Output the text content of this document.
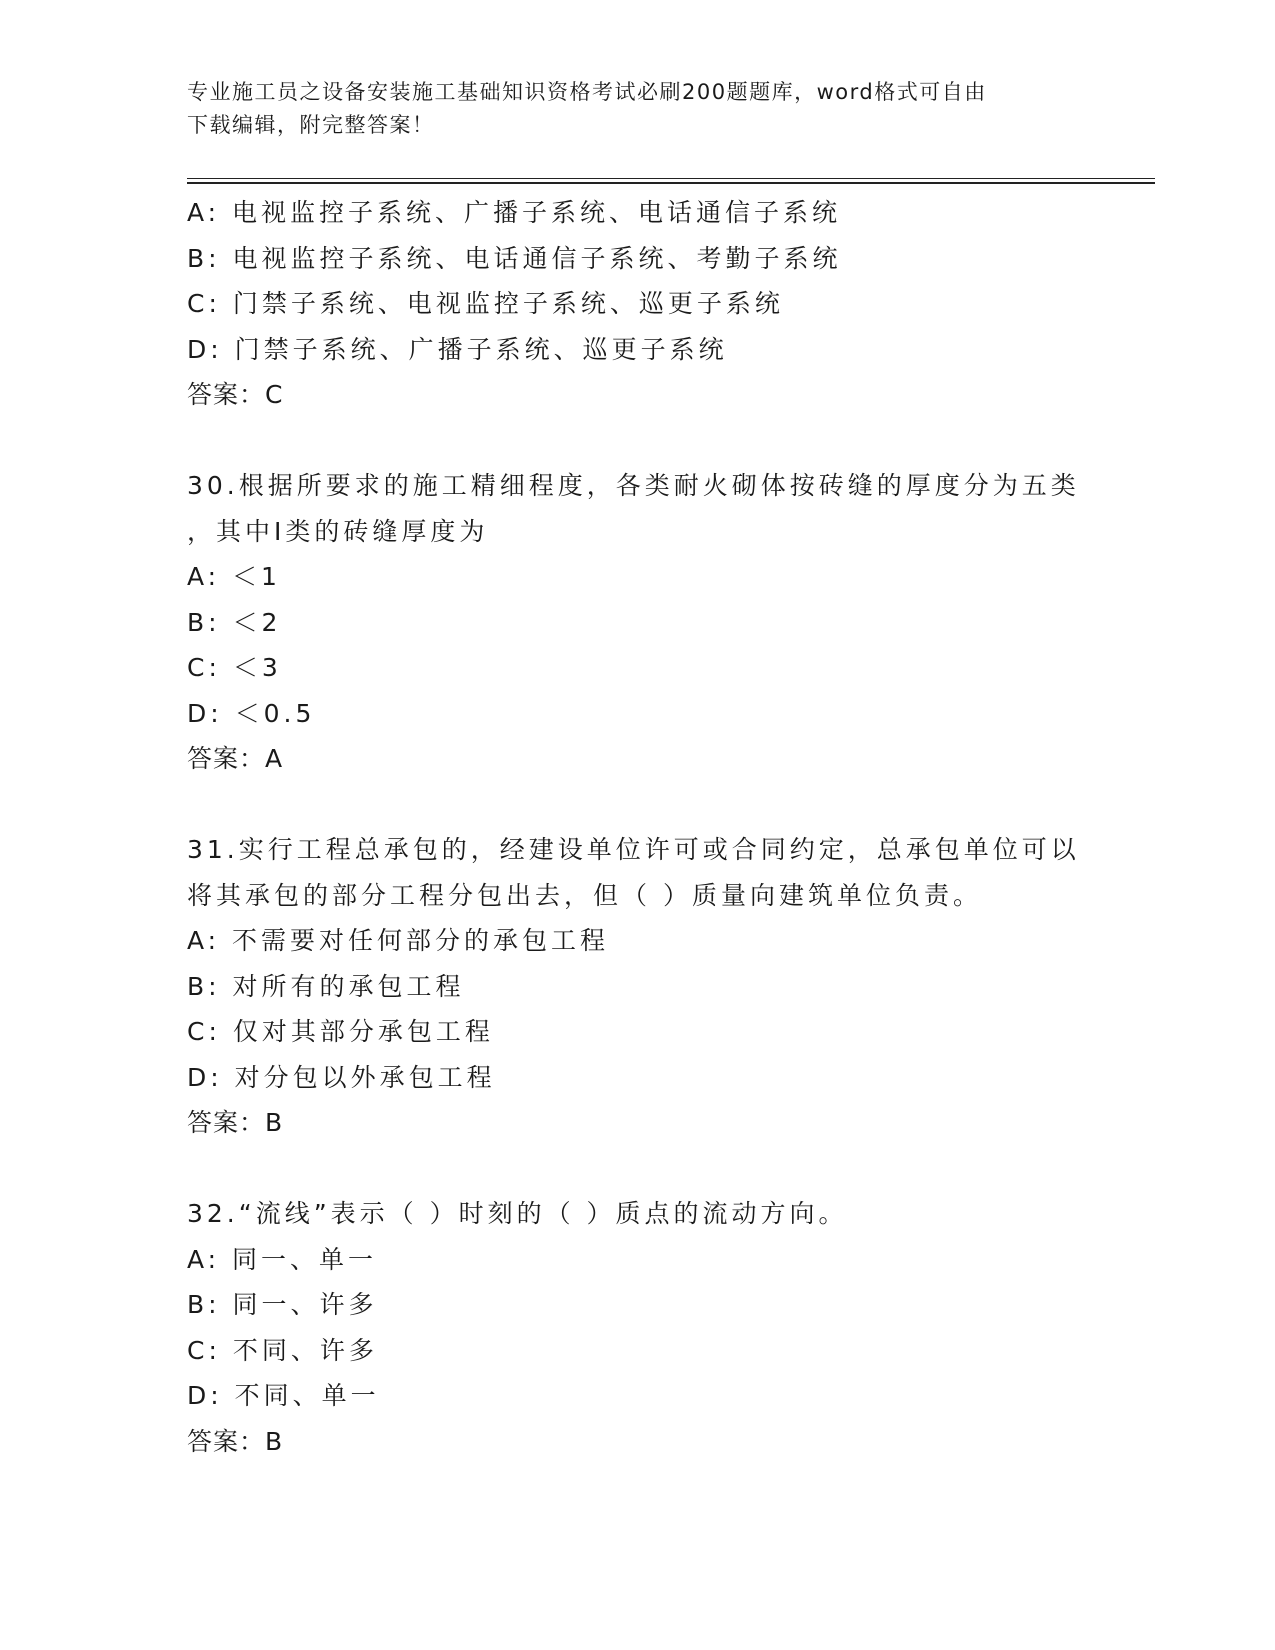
专业施工员之设备安装施工基础知识资格考试必刷200题题库，word格式可自由
下载编辑，附完整答案！
A: 电视监控子系统、广播子系统、电话通信子系统
B: 电视监控子系统、电话通信子系统、考勤子系统
C: 门禁子系统、电视监控子系统、巡更子系统
D: 门禁子系统、广播子系统、巡更子系统
答案：C
30.根据所要求的施工精细程度，各类耐火砌体按砖缝的厚度分为五类
，其中Ⅰ类的砖缝厚度为
A: ＜1
B: ＜2
C: ＜3
D: ＜0.5
答案：A
31.实行工程总承包的，经建设单位许可或合同约定，总承包单位可以
将其承包的部分工程分包出去，但（ ）质量向建筑单位负责。
A: 不需要对任何部分的承包工程
B: 对所有的承包工程
C: 仅对其部分承包工程
D: 对分包以外承包工程
答案：B
32.“流线”表示（ ）时刻的（ ）质点的流动方向。
A: 同一、单一
B: 同一、许多
C: 不同、许多
D: 不同、单一
答案：B
